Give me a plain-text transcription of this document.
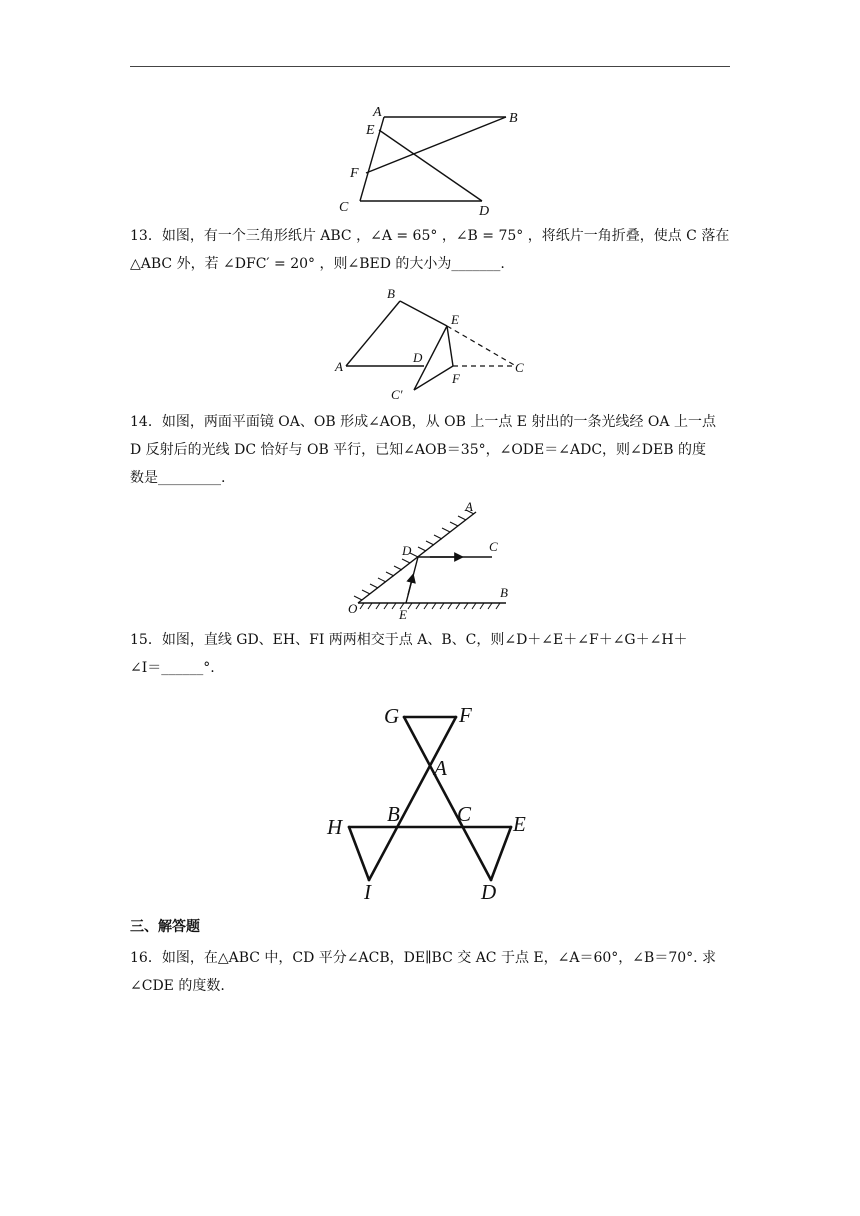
A	B
E
F
C	D

13．如图，有一个三角形纸片 ABC ，∠A = 65° ，∠B = 75° ，将纸片一角折叠，使点 C 落在
△ABC 外，若 ∠DFC′ = 20° ，则∠BED 的大小为_______.

B
E
A
D
F
C
C′

14．如图，两面平面镜 OA、OB 形成∠AOB，从 OB 上一点 E 射出的一条光线经 OA 上一点
D 反射后的光线 DC 恰好与 OB 平行，已知∠AOB＝35°，∠ODE＝∠ADC，则∠DEB 的度
数是_________.

A
C
D
B
O	E

15．如图，直线 GD、EH、FI 两两相交于点 A、B、C，则∠D＋∠E＋∠F＋∠G＋∠H＋
∠I＝______°.

G	F
A
H
B	C E
I	D

三、解答题

16．如图，在△ABC 中，CD 平分∠ACB，DE∥BC 交 AC 于点 E，∠A＝60°，∠B＝70°. 求
∠CDE 的度数.
